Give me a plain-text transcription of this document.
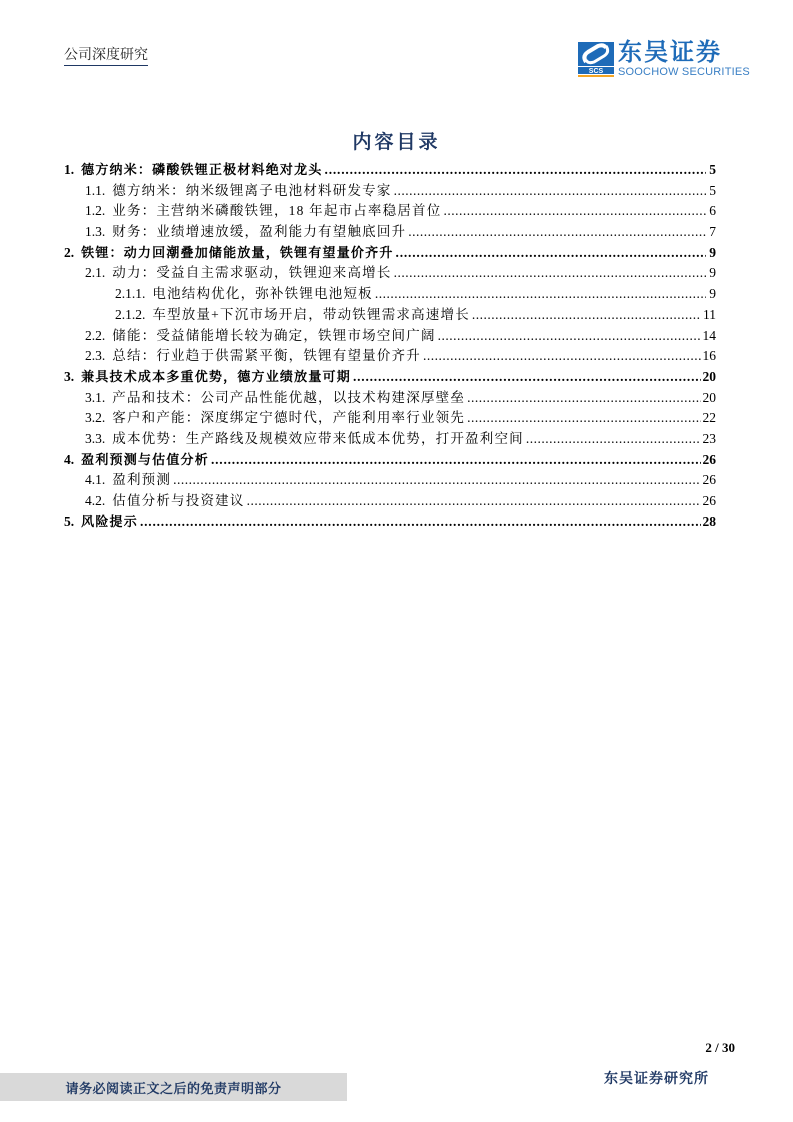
公司深度研究
SCS
东吴证券
SOOCHOW SECURITIES
内容目录
1. 德方纳米：磷酸铁锂正极材料绝对龙头 .....	5
1.1. 德方纳米：纳米级锂离子电池材料研发专家 .....	5
1.2. 业务：主营纳米磷酸铁锂，18 年起市占率稳居首位 .....	6
1.3. 财务：业绩增速放缓，盈利能力有望触底回升 .....	7
2. 铁锂：动力回潮叠加储能放量，铁锂有望量价齐升 .....	9
2.1. 动力：受益自主需求驱动，铁锂迎来高增长 .....	9
2.1.1. 电池结构优化，弥补铁锂电池短板 .....	9
2.1.2. 车型放量+下沉市场开启，带动铁锂需求高速增长 .....	11
2.2. 储能：受益储能增长较为确定，铁锂市场空间广阔 .....	14
2.3. 总结：行业趋于供需紧平衡，铁锂有望量价齐升 .....	16
3. 兼具技术成本多重优势，德方业绩放量可期 .....	20
3.1. 产品和技术：公司产品性能优越，以技术构建深厚壁垒 .....	20
3.2. 客户和产能：深度绑定宁德时代，产能利用率行业领先 .....	22
3.3. 成本优势：生产路线及规模效应带来低成本优势，打开盈利空间 .....	23
4. 盈利预测与估值分析 .....	26
4.1. 盈利预测 .....	26
4.2. 估值分析与投资建议 .....	26
5. 风险提示 .....	28
2 / 30
请务必阅读正文之后的免责声明部分
东吴证券研究所
